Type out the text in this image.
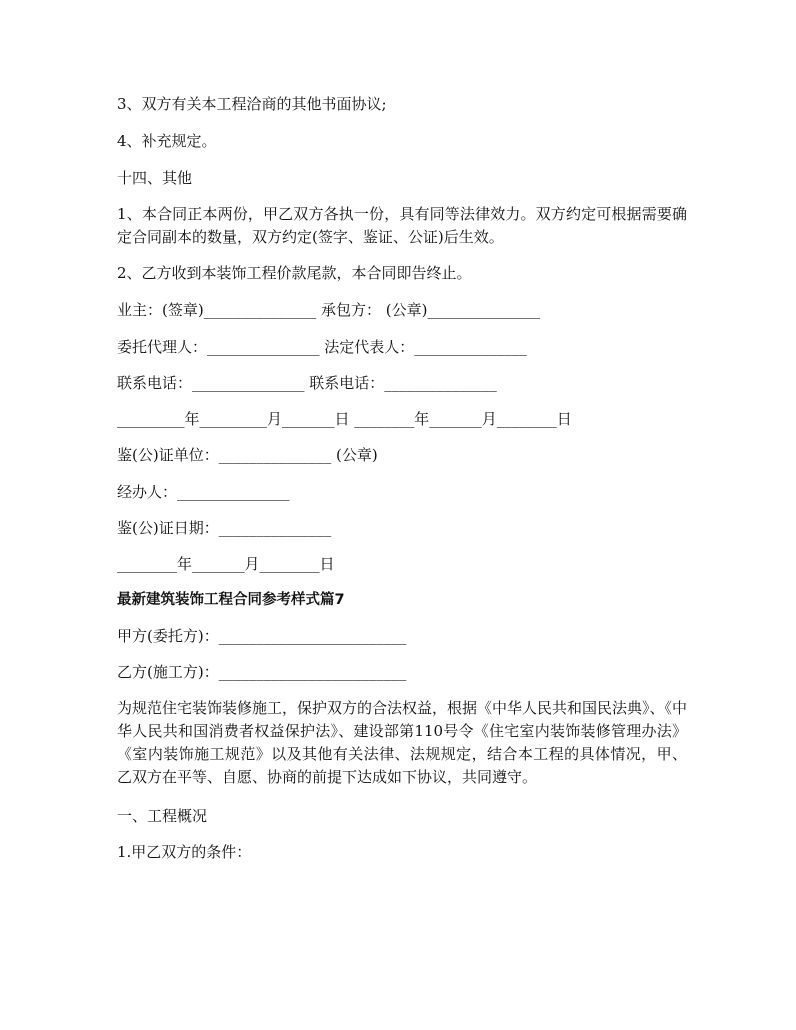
3、双方有关本工程洽商的其他书面协议;
4、补充规定。
十四、其他
1、本合同正本两份，甲乙双方各执一份，具有同等法律效力。双方约定可根据需要确定合同副本的数量，双方约定(签字、鉴证、公证)后生效。
2、乙方收到本装饰工程价款尾款，本合同即告终止。
业主：(签章)_______________ 承包方： (公章)_______________
委托代理人：_______________ 法定代表人：_______________
联系电话：_______________ 联系电话：_______________
_________年_________月_______日 ________年_______月________日
鉴(公)证单位：_______________ (公章)
经办人：_______________
鉴(公)证日期：_______________
________年_______月________日
最新建筑装饰工程合同参考样式篇7
甲方(委托方)：_________________________
乙方(施工方)：_________________________
为规范住宅装饰装修施工，保护双方的合法权益，根据《中华人民共和国民法典》、《中华人民共和国消费者权益保护法》、建设部第110号令《住宅室内装饰装修管理办法》《室内装饰施工规范》以及其他有关法律、法规规定，结合本工程的具体情况，甲、乙双方在平等、自愿、协商的前提下达成如下协议，共同遵守。
一、工程概况
1.甲乙双方的条件：
